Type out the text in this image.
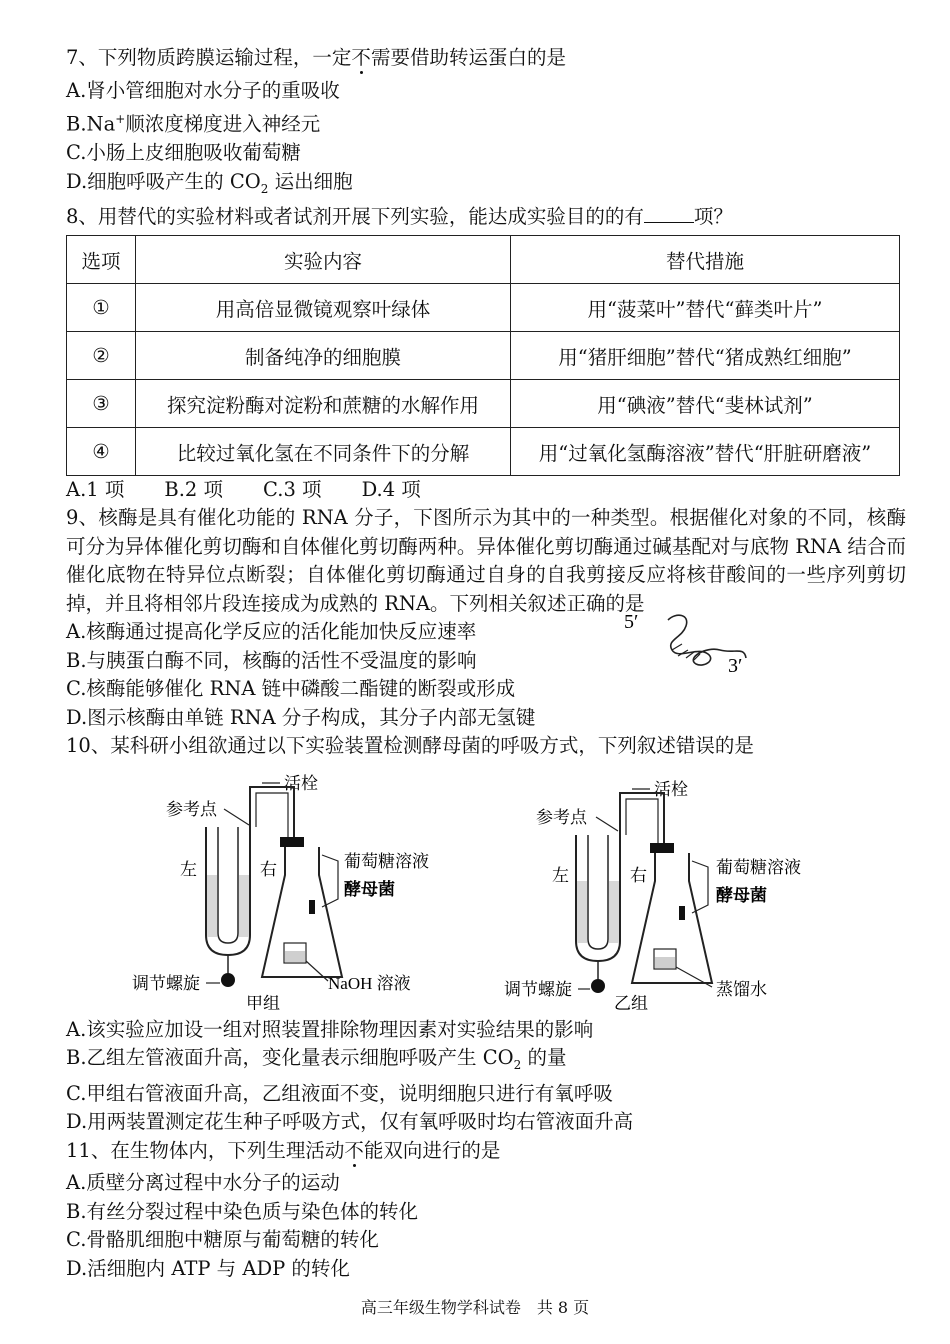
7、下列物质跨膜运输过程，一定不需要借助转运蛋白的是
A.肾小管细胞对水分子的重吸收
B.Na+顺浓度梯度进入神经元
C.小肠上皮细胞吸收葡萄糖
D.细胞呼吸产生的 $CO_2$ 运出细胞
8、用替代的实验材料或者试剂开展下列实验，能达成实验目的的有	项？
选项	实验内容	替代措施
①	用高倍显微镜观察叶绿体	用“菠菜叶”替代“藓类叶片”
②	制备纯净的细胞膜	用“猪肝细胞”替代“猪成熟红细胞”
③	探究淀粉酶对淀粉和蔗糖的水解作用	用“碘液”替代“斐林试剂”
④	比较过氧化氢在不同条件下的分解	用“过氧化氢酶溶液”替代“肝脏研磨液”
A.1 项 B.2 项 C.3 项 D.4 项
9、核酶是具有催化功能的 RNA 分子，下图所示为其中的一种类型。根据催化对象的不同，核酶可分为异体催化剪切酶和自体催化剪切酶两种。异体催化剪切酶通过碱基配对与底物 RNA 结合而催化底物在特异位点断裂；自体催化剪切酶通过自身的自我剪接反应将核苷酸间的一些序列剪切掉，并且将相邻片段连接成为成熟的 RNA。下列相关叙述正确的是
5′
3′
A.核酶通过提高化学反应的活化能加快反应速率
B.与胰蛋白酶不同，核酶的活性不受温度的影响
C.核酶能够催化 RNA 链中磷酸二酯键的断裂或形成
D.图示核酶由单链 RNA 分子构成，其分子内部无氢键
10、某科研小组欲通过以下实验装置检测酵母菌的呼吸方式，下列叙述错误的是
参考点
活栓
调节螺旋
左	右	葡萄糖溶液
酵母菌
NaOH 溶液
甲组
参考点
活栓
调节螺旋
左	右	葡萄糖溶液
酵母菌
蒸馏水
乙组
A.该实验应加设一组对照装置排除物理因素对实验结果的影响
B.乙组左管液面升高，变化量表示细胞呼吸产生 $CO_2$ 的量
C.甲组右管液面升高，乙组液面不变，说明细胞只进行有氧呼吸
D.用两装置测定花生种子呼吸方式，仅有氧呼吸时均右管液面升高
11、在生物体内，下列生理活动不能双向进行的是
A.质壁分离过程中水分子的运动
B.有丝分裂过程中染色质与染色体的转化
C.骨骼肌细胞中糖原与葡萄糖的转化
D.活细胞内 ATP 与 ADP 的转化
高三年级生物学科试卷　共 8 页
